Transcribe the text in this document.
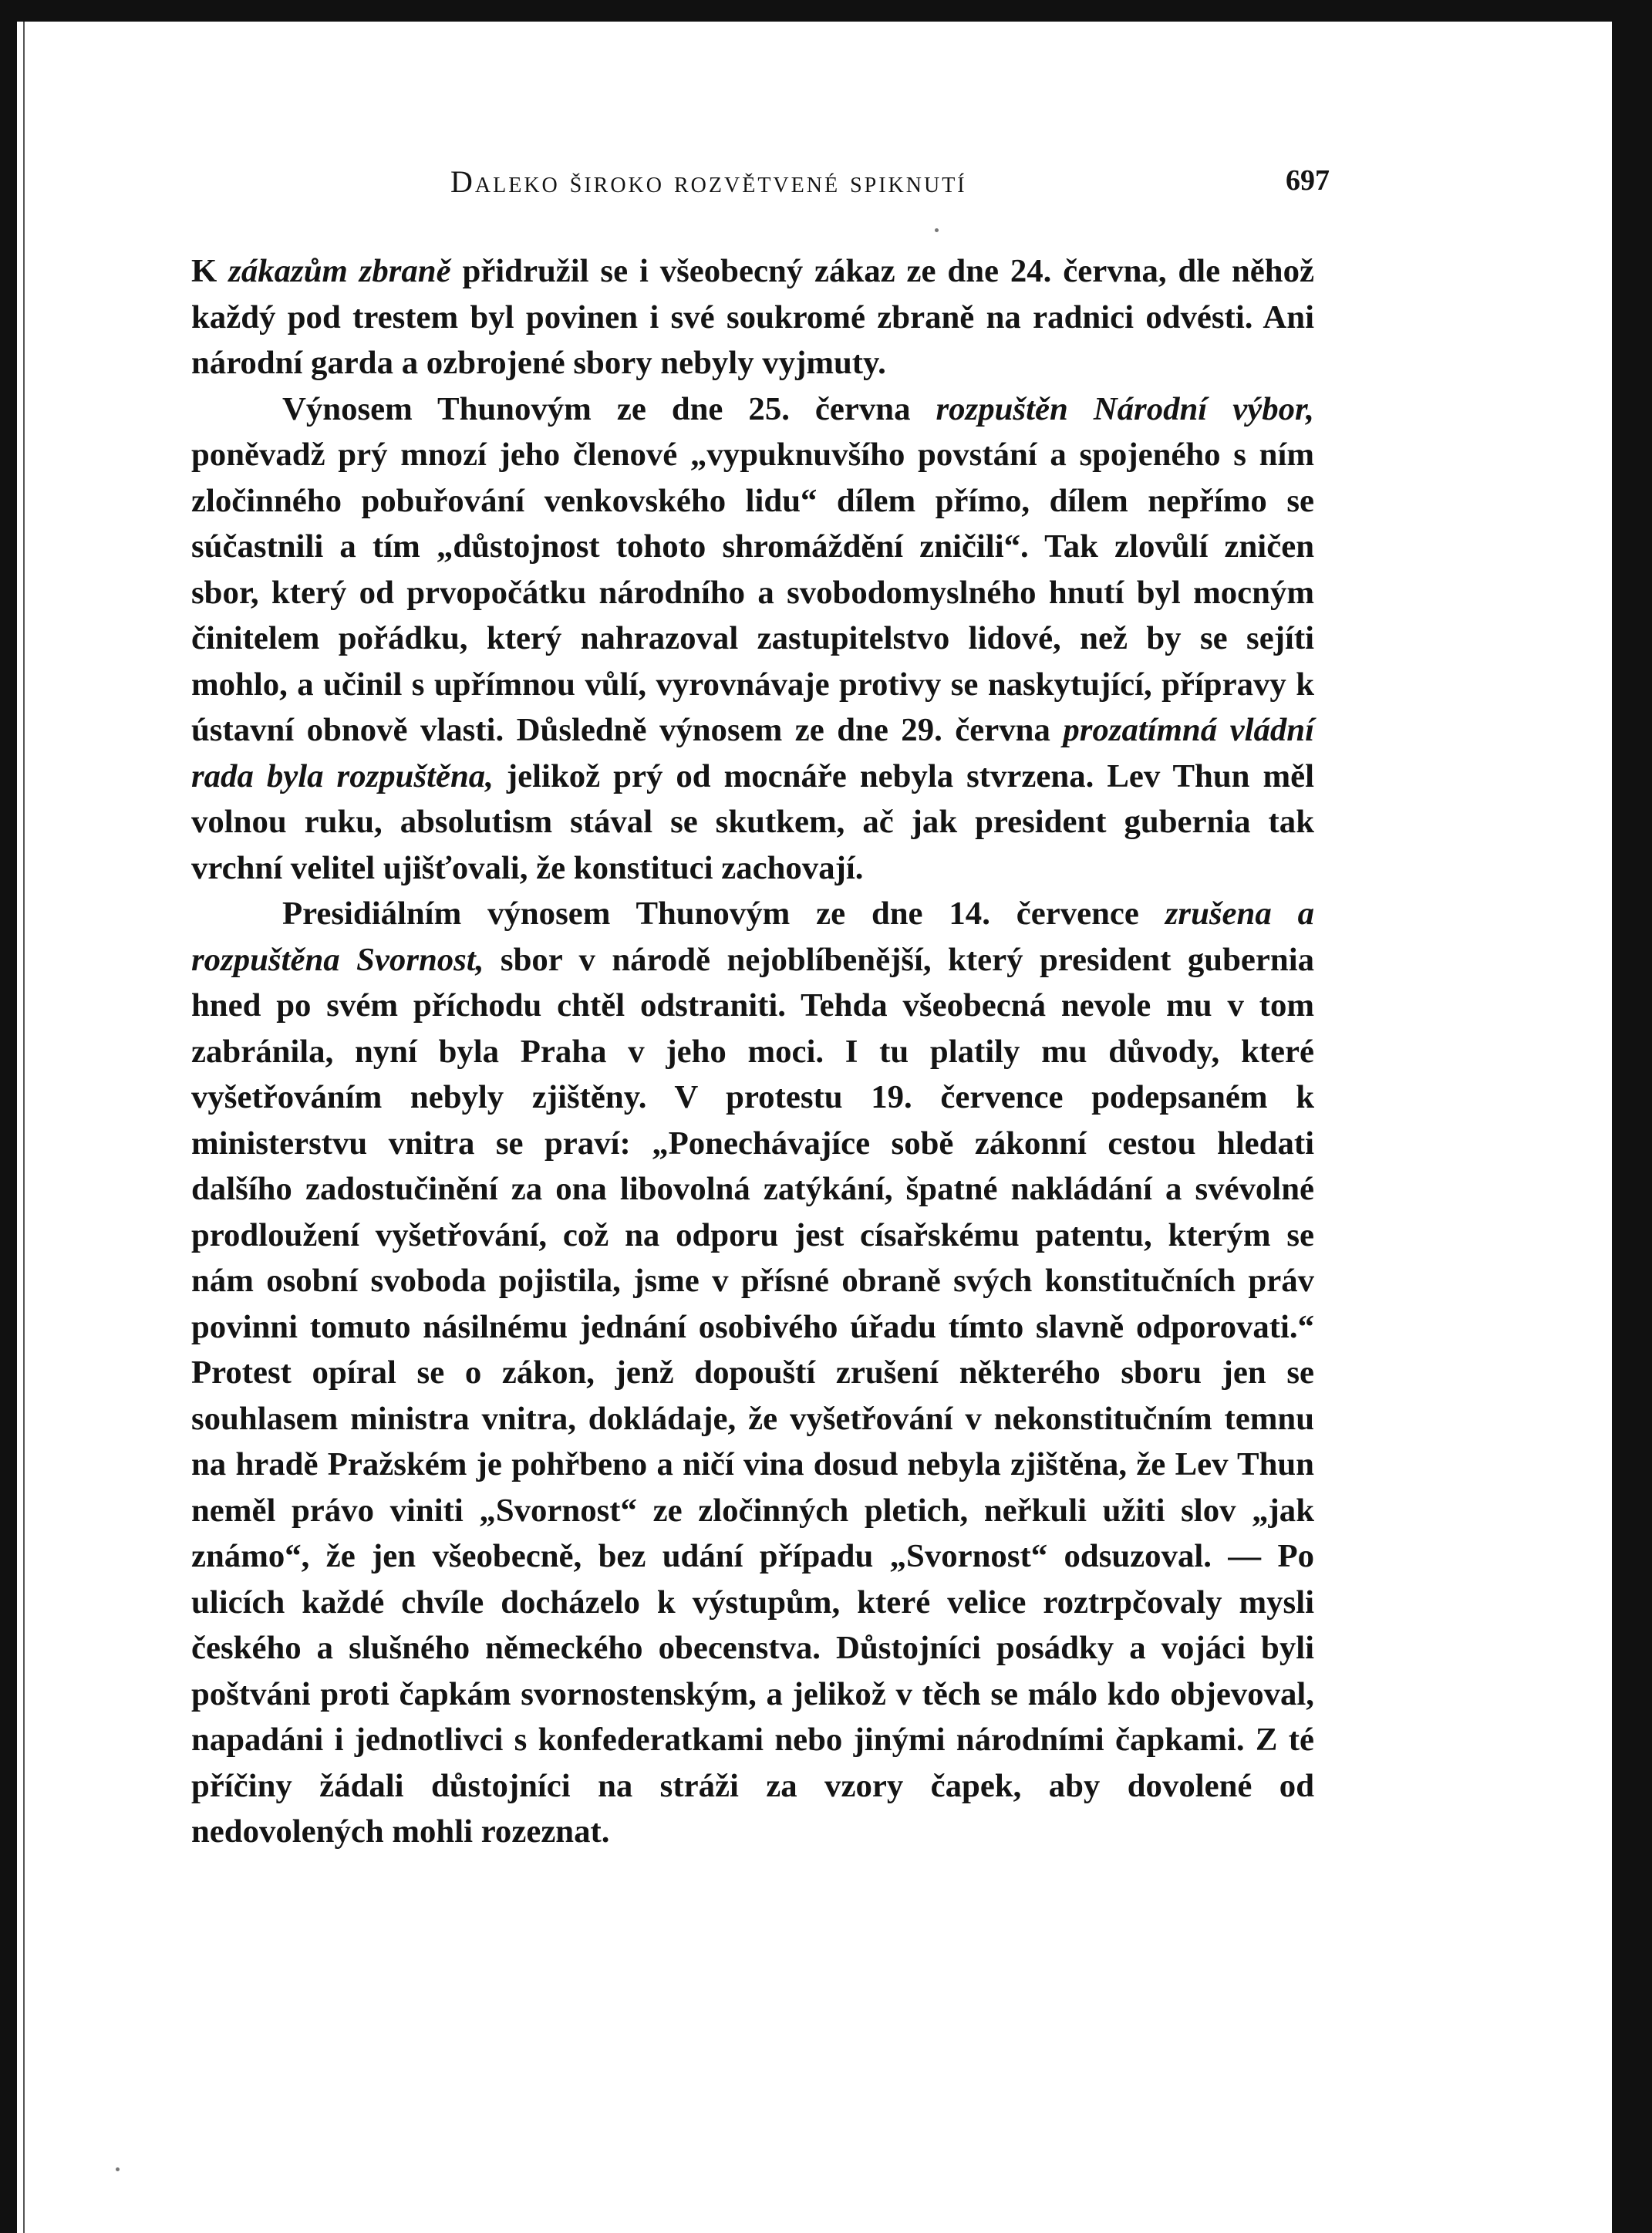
Daleko široko rozvětvené spiknutí	697

K zákazům zbraně přidružil se i všeobecný zákaz ze dne 24. června, dle něhož každý pod trestem byl povinen i své soukromé zbraně na radnici odvésti. Ani národní garda a ozbrojené sbory nebyly vyjmuty.

Výnosem Thunovým ze dne 25. června rozpuštěn Národní výbor, poněvadž prý mnozí jeho členové „vypuknuvšího povstání a spojeného s ním zločinného pobuřování venkovského lidu“ dílem přímo, dílem nepřímo se súčastnili a tím „důstojnost tohoto shromáždění zničili“. Tak zlovůlí zničen sbor, který od prvopočátku národního a svobodomyslného hnutí byl mocným činitelem pořádku, který nahrazoval zastupitelstvo lidové, než by se sejíti mohlo, a učinil s upřímnou vůlí, vyrovnávaje protivy se naskytující, přípravy k ústavní obnově vlasti. Důsledně výnosem ze dne 29. června prozatímná vládní rada byla rozpuštěna, jelikož prý od mocnáře nebyla stvrzena. Lev Thun měl volnou ruku, absolutism stával se skutkem, ač jak president gubernia tak vrchní velitel ujišťovali, že konstituci zachovají.

Presidiálním výnosem Thunovým ze dne 14. července zrušena a rozpuštěna Svornost, sbor v národě nejoblíbenější, který president gubernia hned po svém příchodu chtěl odstraniti. Tehda všeobecná nevole mu v tom zabránila, nyní byla Praha v jeho moci. I tu platily mu důvody, které vyšetřováním nebyly zjištěny. V protestu 19. července podepsaném k ministerstvu vnitra se praví: „Ponechávajíce sobě zákonní cestou hledati dalšího zadostučinění za ona libovolná zatýkání, špatné nakládání a svévolné prodloužení vyšetřování, což na odporu jest císařskému patentu, kterým se nám osobní svoboda pojistila, jsme v přísné obraně svých konstitučních práv povinni tomuto násilnému jednání osobivého úřadu tímto slavně odporovati.“ Protest opíral se o zákon, jenž dopouští zrušení některého sboru jen se souhlasem ministra vnitra, dokládaje, že vyšetřování v nekonstitučním temnu na hradě Pražském je pohřbeno a ničí vina dosud nebyla zjištěna, že Lev Thun neměl právo viniti „Svornost“ ze zločinných pletich, neřkuli užiti slov „jak známo“, že jen všeobecně, bez udání případu „Svornost“ odsuzoval. — Po ulicích každé chvíle docházelo k výstupům, které velice roztrpčovaly mysli českého a slušného německého obecenstva. Důstojníci posádky a vojáci byli poštváni proti čapkám svornostenským, a jelikož v těch se málo kdo objevoval, napadáni i jednotlivci s konfederatkami nebo jinými národními čapkami. Z té příčiny žádali důstojníci na stráži za vzory čapek, aby dovolené od nedovolených mohli rozeznat.
